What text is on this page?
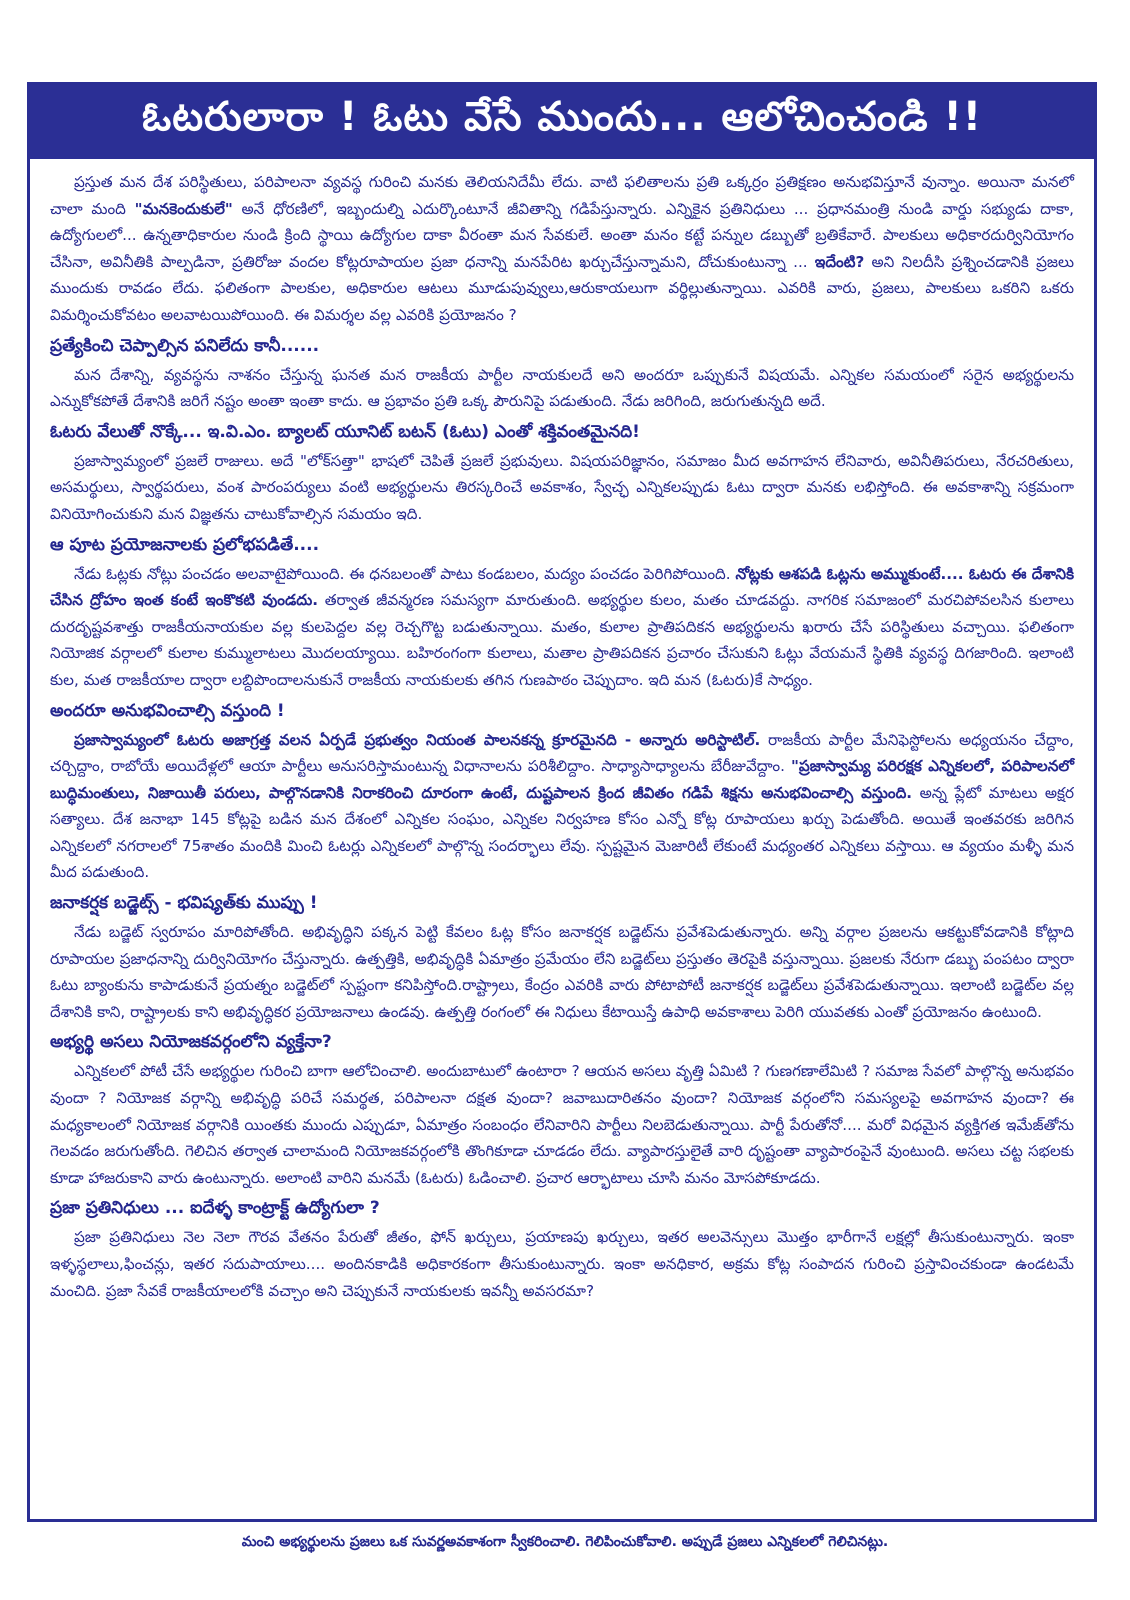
ఓటరులారా ! ఓటు వేసే ముందు... ఆలోచించండి !!

ప్రస్తుత మన దేశ పరిస్థితులు, పరిపాలనా వ్యవస్థ గురించి మనకు తెలియనిదేమీ లేదు. వాటి ఫలితాలను ప్రతి ఒక్కర్రం ప్రతిక్షణం అనుభవిస్తూనే వున్నాం. అయినా మనలో చాలా మంది "మనకెందుకులే" అనే ధోరణిలో, ఇబ్బందుల్ని ఎదుర్కొంటూనే జీవితాన్ని గడిపేస్తున్నారు. ఎన్నికైన ప్రతినిధులు ... ప్రధానమంత్రి నుండి వార్డు సభ్యుడు దాకా, ఉద్యోగులలో... ఉన్నతాధికారుల నుండి క్రింది స్థాయి ఉద్యోగుల దాకా వీరంతా మన సేవకులే. అంతా మనం కట్టే పన్నుల డబ్బుతో బ్రతికేవారే. పాలకులు అధికారదుర్వినియోగం చేసినా, అవినీతికి పాల్పడినా, ప్రతిరోజు వందల కోట్లరూపాయల ప్రజా ధనాన్ని మనపేరిట ఖర్చుచేస్తున్నామని, దోచుకుంటున్నా ... ఇదేంటి? అని నిలదీసి ప్రశ్నించడానికి ప్రజలు ముందుకు రావడం లేదు. ఫలితంగా పాలకుల, అధికారుల ఆటలు మూడుపువ్వులు,ఆరుకాయలుగా వర్థిల్లుతున్నాయి. ఎవరికి వారు, ప్రజలు, పాలకులు ఒకరిని ఒకరు విమర్శించుకోవటం అలవాటయిపోయింది. ఈ విమర్శల వల్ల ఎవరికి ప్రయోజనం ?

ప్రత్యేకించి చెప్పాల్సిన పనిలేదు కానీ......

మన దేశాన్ని, వ్యవస్థను నాశనం చేస్తున్న ఘనత మన రాజకీయ పార్టీల నాయకులదే అని అందరూ ఒప్పుకునే విషయమే. ఎన్నికల సమయంలో సరైన అభ్యర్థులను ఎన్నుకోకపోతే దేశానికి జరిగే నష్టం అంతా ఇంతా కాదు. ఆ ప్రభావం ప్రతి ఒక్క పౌరునిపై పడుతుంది. నేడు జరిగింది, జరుగుతున్నది అదే.

ఓటరు వేలుతో నొక్కే... ఇ.వి.ఎం. బ్యాలట్ యూనిట్ బటన్ (ఓటు) ఎంతో శక్తివంతమైనది!

ప్రజాస్వామ్యంలో ప్రజలే రాజులు. అదే "లోక్‌సత్తా" భాషలో చెపితే ప్రజలే ప్రభువులు. విషయపరిజ్ఞానం, సమాజం మీద అవగాహన లేనివారు, అవినీతిపరులు, నేరచరితులు, అసమర్థులు, స్వార్థపరులు, వంశ పారంపర్యులు వంటి అభ్యర్థులను తిరస్కరించే అవకాశం, స్వేచ్ఛ ఎన్నికలప్పుడు ఓటు ద్వారా మనకు లభిస్తోంది. ఈ అవకాశాన్ని సక్రమంగా వినియోగించుకుని మన విజ్ఞతను చాటుకోవాల్సిన సమయం ఇది.

ఆ పూట ప్రయోజనాలకు ప్రలోభపడితే....

నేడు ఓట్లకు నోట్లు పంచడం అలవాటైపోయింది. ఈ ధనబలంతో పాటు కండబలం, మద్యం పంచడం పెరిగిపోయింది. నోట్లకు ఆశపడి ఓట్లను అమ్ముకుంటే.... ఓటరు ఈ దేశానికి చేసిన ద్రోహం ఇంత కంటే ఇంకొకటి వుండదు. తర్వాత జీవన్మరణ సమస్యగా మారుతుంది. అభ్యర్థుల కులం, మతం చూడవద్దు. నాగరిక సమాజంలో మరచిపోవలసిన కులాలు దురదృష్టవశాత్తు రాజకీయనాయకుల వల్ల కులపెద్దల వల్ల రెచ్చగొట్ట బడుతున్నాయి. మతం, కులాల ప్రాతిపదికన అభ్యర్థులను ఖరారు చేసే పరిస్థితులు వచ్చాయి. ఫలితంగా నియోజిక వర్గాలలో కులాల కుమ్ములాటలు మొదలయ్యాయి. బహిరంగంగా కులాలు, మతాల ప్రాతిపదికన ప్రచారం చేసుకుని ఓట్లు వేయమనే స్థితికి వ్యవస్థ దిగజారింది. ఇలాంటి కుల, మత రాజకీయాల ద్వారా లబ్దిపొందాలనుకునే రాజకీయ నాయకులకు తగిన గుణపాఠం చెప్పుదాం. ఇది మన (ఓటరు)కే సాధ్యం.

అందరూ అనుభవించాల్సి వస్తుంది !

ప్రజాస్వామ్యంలో ఓటరు అజాగ్రత్త వలన ఏర్పడే ప్రభుత్వం నియంత పాలనకన్న క్రూరమైనది - అన్నారు అరిస్టాటిల్. రాజకీయ పార్టీల మేనిఫెస్టోలను అధ్యయనం చేద్దాం, చర్చిద్దాం, రాబోయే అయిదేళ్లలో ఆయా పార్టీలు అనుసరిస్తామంటున్న విధానాలను పరిశీలిద్దాం. సాధ్యాసాధ్యాలను బేరీజువేద్దాం. "ప్రజాస్వామ్య పరిరక్షక ఎన్నికలలో, పరిపాలనలో బుద్ధిమంతులు, నిజాయితీ పరులు, పాల్గొనడానికి నిరాకరించి దూరంగా ఉంటే, దుష్టపాలన క్రింద జీవితం గడిపే శిక్షను అనుభవించాల్సి వస్తుంది. అన్న ప్లేటో మాటలు అక్షర సత్యాలు. దేశ జనాభా 145 కోట్లపై బడిన మన దేశంలో ఎన్నికల సంఘం, ఎన్నికల నిర్వహణ కోసం ఎన్నో కోట్ల రూపాయలు ఖర్చు పెడుతోంది. అయితే ఇంతవరకు జరిగిన ఎన్నికలలో నగరాలలో 75శాతం మందికి మించి ఓటర్లు ఎన్నికలలో పాల్గొన్న సందర్భాలు లేవు. స్పష్టమైన మెజారిటీ లేకుంటే మధ్యంతర ఎన్నికలు వస్తాయి. ఆ వ్యయం మళ్ళీ మన మీద పడుతుంది.

జనాకర్షక బడ్జెట్స్ - భవిష్యత్‌కు ముప్పు !

నేడు బడ్జెట్ స్వరూపం మారిపోతోంది. అభివృద్ధిని పక్కన పెట్టి కేవలం ఓట్ల కోసం జనాకర్షక బడ్జెట్‌ను ప్రవేశపెడుతున్నారు. అన్ని వర్గాల ప్రజలను ఆకట్టుకోవడానికి కోట్లాది రూపాయల ప్రజాధనాన్ని దుర్వినియోగం చేస్తున్నారు. ఉత్పత్తికి, అభివృద్ధికి ఏమాత్రం ప్రమేయం లేని బడ్జెట్‌లు ప్రస్తుతం తెరపైకి వస్తున్నాయి. ప్రజలకు నేరుగా డబ్బు పంపటం ద్వారా ఓటు బ్యాంకును కాపాడుకునే ప్రయత్నం బడ్జెట్‌లో స్పష్టంగా కనిపిస్తోంది.రాష్ట్రాలు, కేంద్రం ఎవరికి వారు పోటాపోటీ జనాకర్షక బడ్జెట్‌లు ప్రవేశపెడుతున్నాయి. ఇలాంటి బడ్జెట్‌ల వల్ల దేశానికి కాని, రాష్ట్రాలకు కాని అభివృద్ధికర ప్రయోజనాలు ఉండవు. ఉత్పత్తి రంగంలో ఈ నిధులు కేటాయిస్తే ఉపాధి అవకాశాలు పెరిగి యువతకు ఎంతో ప్రయోజనం ఉంటుంది.

అభ్యర్థి అసలు నియోజకవర్గంలోని వ్యక్తేనా?

ఎన్నికలలో పోటీ చేసే అభ్యర్థుల గురించి బాగా ఆలోచించాలి. అందుబాటులో ఉంటారా ? ఆయన అసలు వృత్తి ఏమిటి ? గుణగణాలేమిటి ? సమాజ సేవలో పాల్గొన్న అనుభవం వుందా ? నియోజక వర్గాన్ని అభివృద్ధి పరిచే సమర్థత, పరిపాలనా దక్షత వుందా? జవాబుదారితనం వుందా? నియోజక వర్గంలోని సమస్యలపై అవగాహన వుందా? ఈ మధ్యకాలంలో నియోజక వర్గానికి యింతకు ముందు ఎప్పుడూ, ఏమాత్రం సంబంధం లేనివారిని పార్టీలు నిలబెడుతున్నాయి. పార్టీ పేరుతోనో.... మరో విధమైన వ్యక్తిగత ఇమేజ్‌తోను గెలవడం జరుగుతోంది. గెలిచిన తర్వాత చాలామంది నియోజకవర్గంలోకి తొంగికూడా చూడడం లేదు. వ్యాపారస్తులైతే వారి దృష్టంతా వ్యాపారంపైనే వుంటుంది. అసలు చట్ట సభలకు కూడా హాజరుకాని వారు ఉంటున్నారు. అలాంటి వారిని మనమే (ఓటరు) ఓడించాలి. ప్రచార ఆర్భాటాలు చూసి మనం మోసపోకూడదు.

ప్రజా ప్రతినిధులు ... ఐదేళ్ళ కాంట్రాక్ట్ ఉద్యోగులా ?

ప్రజా ప్రతినిధులు నెల నెలా గౌరవ వేతనం పేరుతో జీతం, ఫోన్ ఖర్చులు, ప్రయాణపు ఖర్చులు, ఇతర అలవెన్సులు మొత్తం భారీగానే లక్షల్లో తీసుకుంటున్నారు. ఇంకా ఇళ్ళస్థలాలు,ఫించన్లు, ఇతర సదుపాయాలు.... అందినకాడికి అధికారకంగా తీసుకుంటున్నారు. ఇంకా అనధికార, అక్రమ కోట్ల సంపాదన గురించి ప్రస్తావించకుండా ఉండటమే మంచిది. ప్రజా సేవకే రాజకీయాలలోకి వచ్చాం అని చెప్పుకునే నాయకులకు ఇవన్నీ అవసరమా?

మంచి అభ్యర్థులను ప్రజలు ఒక సువర్ణఅవకాశంగా స్వీకరించాలి. గెలిపించుకోవాలి. అప్పుడే ప్రజలు ఎన్నికలలో గెలిచినట్లు.
